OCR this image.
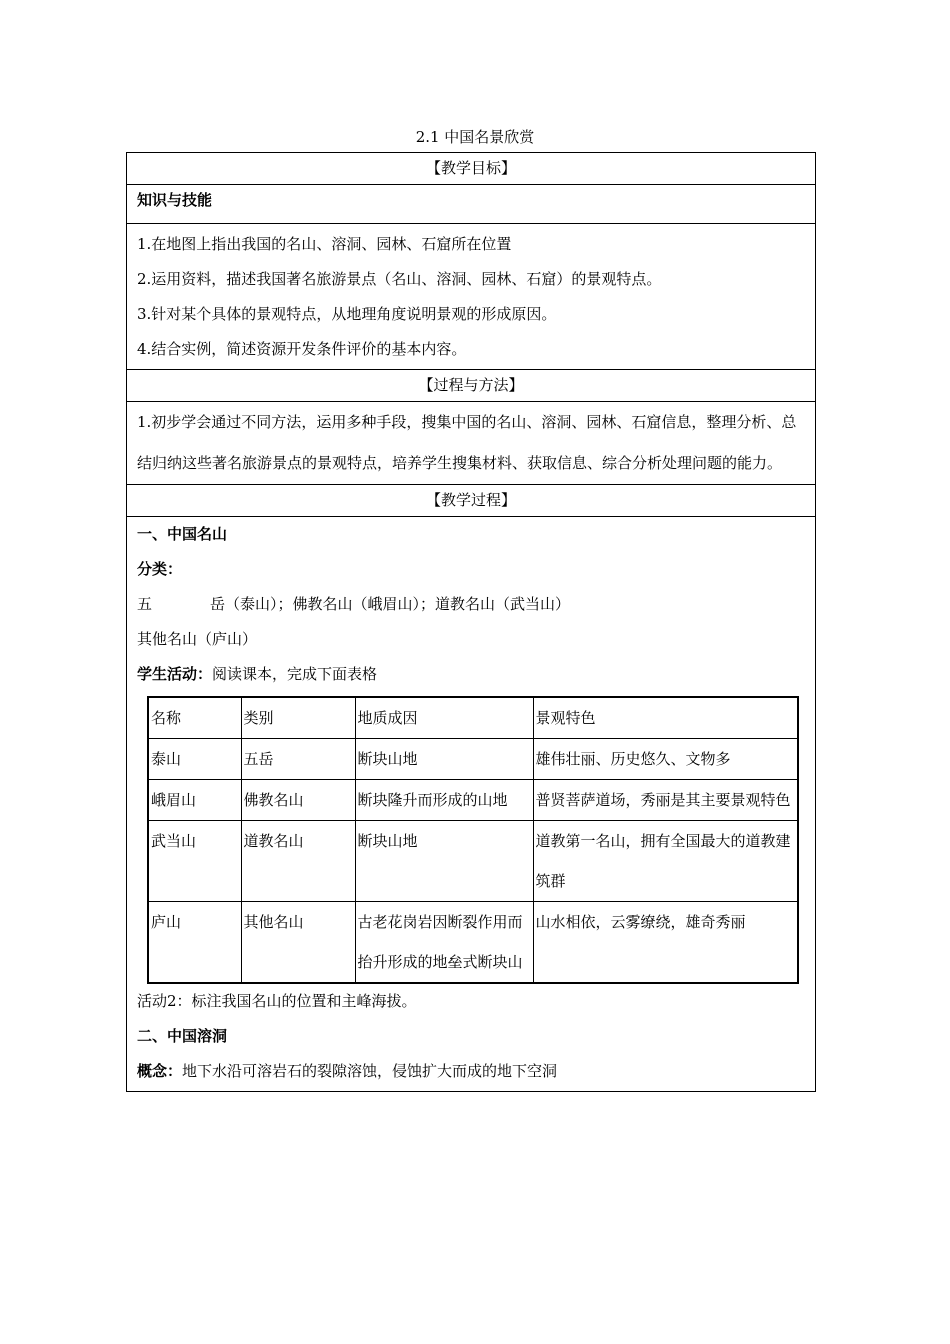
2.1 中国名景欣赏
【教学目标】
知识与技能

1.在地图上指出我国的名山、溶洞、园林、石窟所在位置
2.运用资料，描述我国著名旅游景点（名山、溶洞、园林、石窟）的景观特点。
3.针对某个具体的景观特点，从地理角度说明景观的形成原因。
4.结合实例，简述资源开发条件评价的基本内容。

【过程与方法】
1.初步学会通过不同方法，运用多种手段，搜集中国的名山、溶洞、园林、石窟信息，整理分析、总结归纳这些著名旅游景点的景观特点，培养学生搜集材料、获取信息、综合分析处理问题的能力。
【教学过程】

一、中国名山
分类：
五	岳（泰山）；佛教名山（峨眉山）；道教名山（武当山）
其他名山（庐山）
学生活动：阅读课本，完成下面表格
名称	类别	地质成因	景观特色
泰山	五岳	断块山地	雄伟壮丽、历史悠久、文物多
峨眉山	佛教名山	断块隆升而形成的山地	普贤菩萨道场，秀丽是其主要景观特色
武当山	道教名山	断块山地	道教第一名山，拥有全国最大的道教建筑群
庐山	其他名山	古老花岗岩因断裂作用而抬升形成的地垒式断块山	山水相依，云雾缭绕，雄奇秀丽
活动2：标注我国名山的位置和主峰海拔。
二、中国溶洞
概念：地下水沿可溶岩石的裂隙溶蚀，侵蚀扩大而成的地下空洞
